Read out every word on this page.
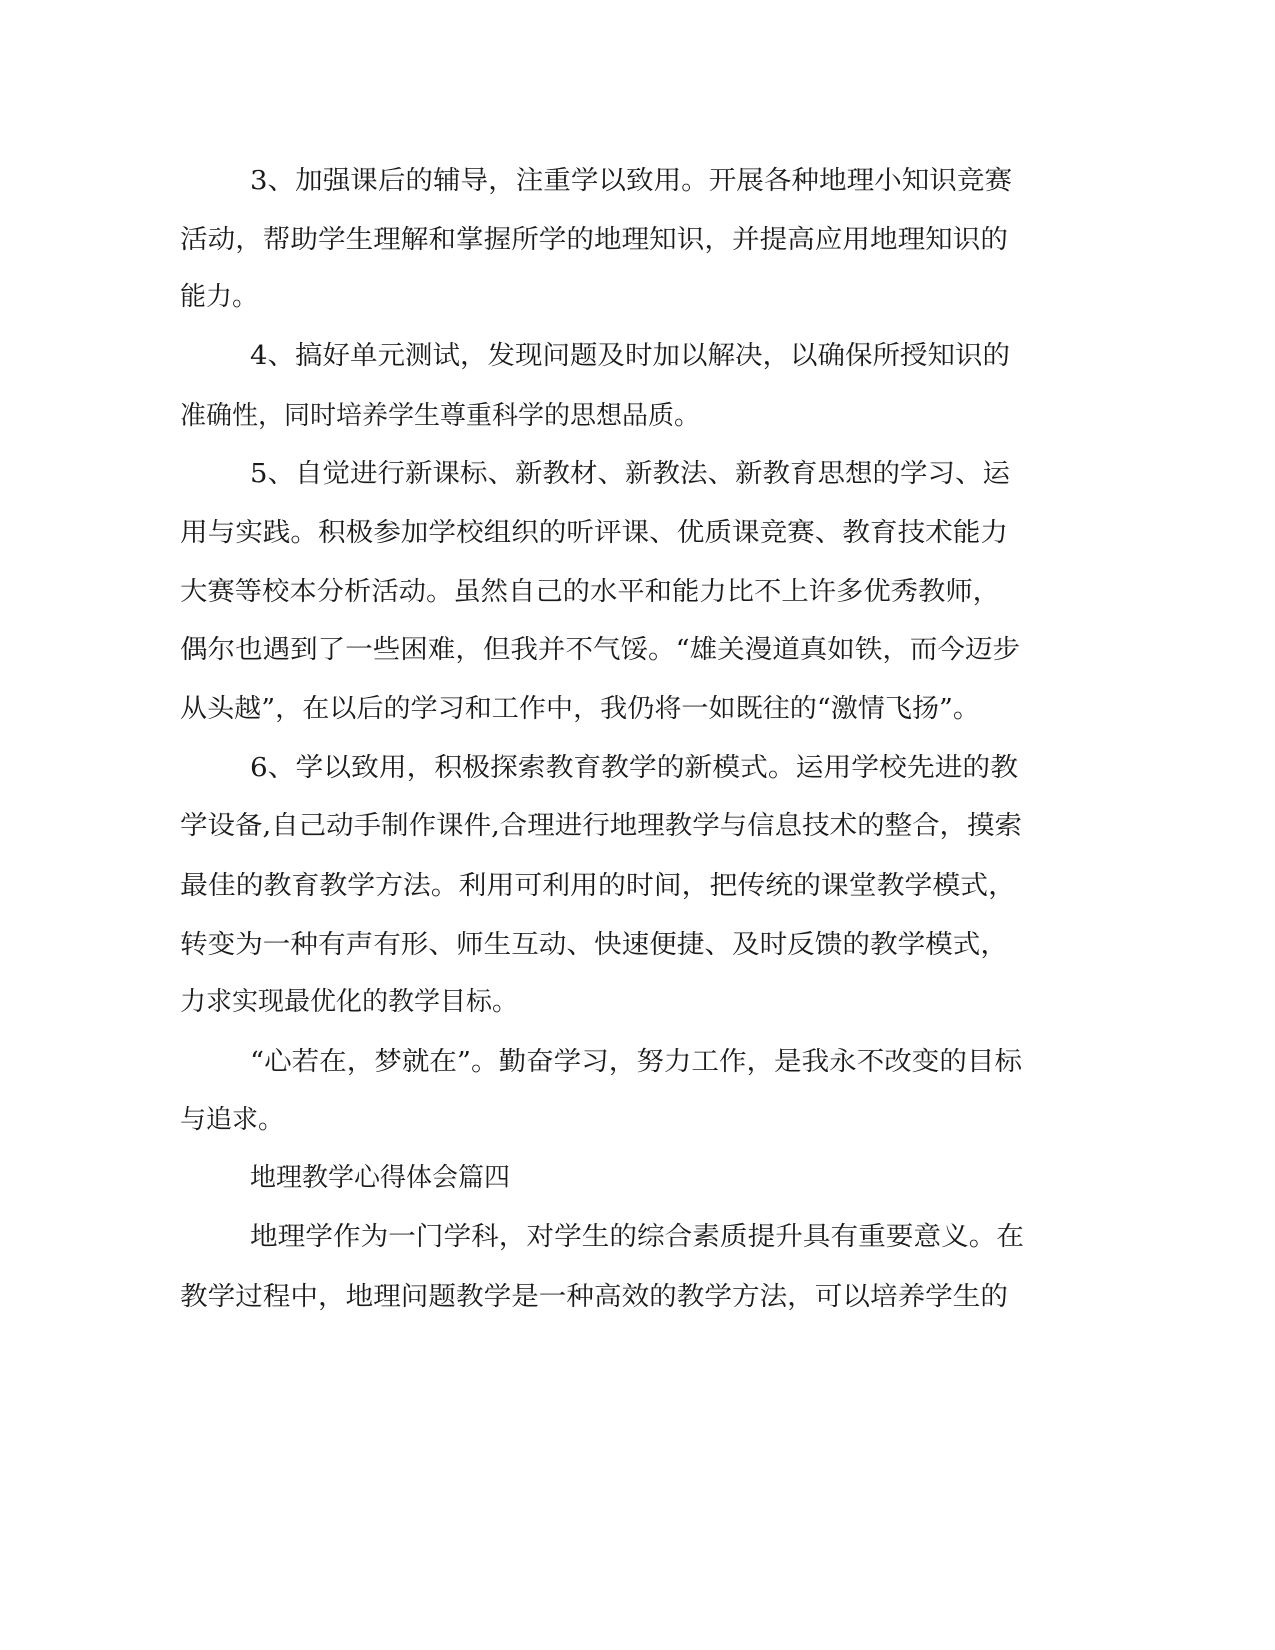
3、加强课后的辅导，注重学以致用。开展各种地理小知识竞赛
活动，帮助学生理解和掌握所学的地理知识，并提高应用地理知识的
能力。
4、搞好单元测试，发现问题及时加以解决，以确保所授知识的
准确性，同时培养学生尊重科学的思想品质。
5、自觉进行新课标、新教材、新教法、新教育思想的学习、运
用与实践。积极参加学校组织的听评课、优质课竞赛、教育技术能力
大赛等校本分析活动。虽然自己的水平和能力比不上许多优秀教师，
偶尔也遇到了一些困难，但我并不气馁。“雄关漫道真如铁，而今迈步
从头越”，在以后的学习和工作中，我仍将一如既往的“激情飞扬”。
6、学以致用，积极探索教育教学的新模式。运用学校先进的教
学设备,自己动手制作课件,合理进行地理教学与信息技术的整合，摸索
最佳的教育教学方法。利用可利用的时间，把传统的课堂教学模式，
转变为一种有声有形、师生互动、快速便捷、及时反馈的教学模式，
力求实现最优化的教学目标。
“心若在，梦就在”。勤奋学习，努力工作，是我永不改变的目标
与追求。
地理教学心得体会篇四
地理学作为一门学科，对学生的综合素质提升具有重要意义。在
教学过程中，地理问题教学是一种高效的教学方法，可以培养学生的
